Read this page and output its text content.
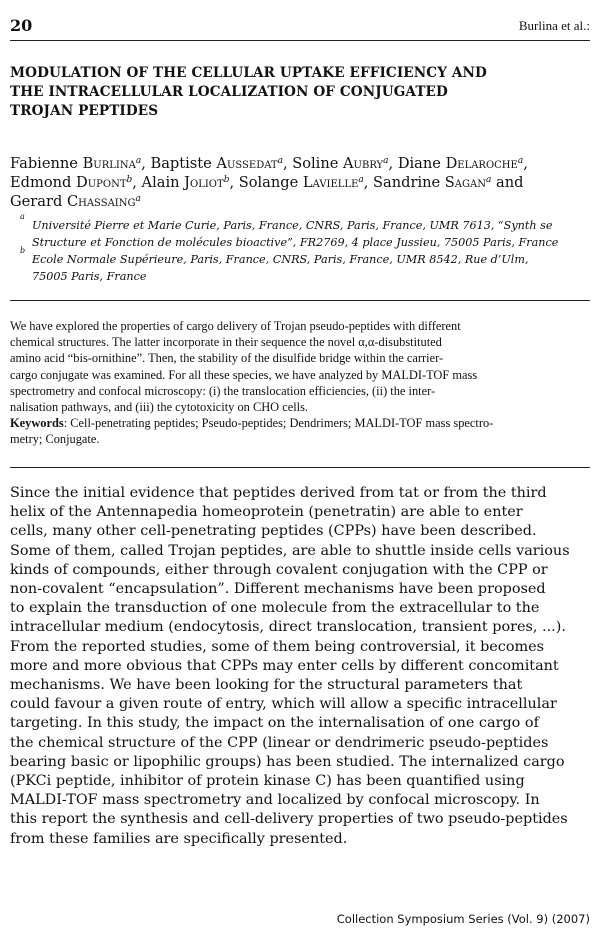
20	Burlina et al.:
MODULATION OF THE CELLULAR UPTAKE EFFICIENCY AND
THE INTRACELLULAR LOCALIZATION OF CONJUGATED
TROJAN PEPTIDES
Fabienne Burlina$^a$, Baptiste Aussedat$^a$, Soline Aubry$^a$, Diane Delaroche$^a$,
Edmond Dupont$^b$, Alain Joliot$^b$, Solange Lavielle$^a$, Sandrine Sagan$^a$ and
Gerard Chassaing$^a$
a
Université Pierre et Marie Curie, Paris, France, CNRS, Paris, France, UMR 7613, “Synth se
Structure et Fonction de molécules bioactive”, FR2769, 4 place Jussieu, 75005 Paris, France
b
Ecole Normale Supérieure, Paris, France, CNRS, Paris, France, UMR 8542, Rue d’Ulm,
75005 Paris, France
We have explored the properties of cargo delivery of Trojan pseudo-peptides with different
chemical structures. The latter incorporate in their sequence the novel α,α-disubstituted
amino acid “bis-ornithine”. Then, the stability of the disulfide bridge within the carrier-
cargo conjugate was examined. For all these species, we have analyzed by MALDI-TOF mass
spectrometry and confocal microscopy: (i) the translocation efficiencies, (ii) the inter-
nalisation pathways, and (iii) the cytotoxicity on CHO cells.
Keywords: Cell-penetrating peptides; Pseudo-peptides; Dendrimers; MALDI-TOF mass spectro-
metry; Conjugate.
Since the initial evidence that peptides derived from tat or from the third
helix of the Antennapedia homeoprotein (penetratin) are able to enter
cells, many other cell-penetrating peptides (CPPs) have been described.
Some of them, called Trojan peptides, are able to shuttle inside cells various
kinds of compounds, either through covalent conjugation with the CPP or
non-covalent “encapsulation”. Different mechanisms have been proposed
to explain the transduction of one molecule from the extracellular to the
intracellular medium (endocytosis, direct translocation, transient pores, ...).
From the reported studies, some of them being controversial, it becomes
more and more obvious that CPPs may enter cells by different concomitant
mechanisms. We have been looking for the structural parameters that
could favour a given route of entry, which will allow a specific intracellular
targeting. In this study, the impact on the internalisation of one cargo of
the chemical structure of the CPP (linear or dendrimeric pseudo-peptides
bearing basic or lipophilic groups) has been studied. The internalized cargo
(PKCi peptide, inhibitor of protein kinase C) has been quantified using
MALDI-TOF mass spectrometry and localized by confocal microscopy. In
this report the synthesis and cell-delivery properties of two pseudo-peptides
from these families are specifically presented.
Collection Symposium Series (Vol. 9) (2007)
